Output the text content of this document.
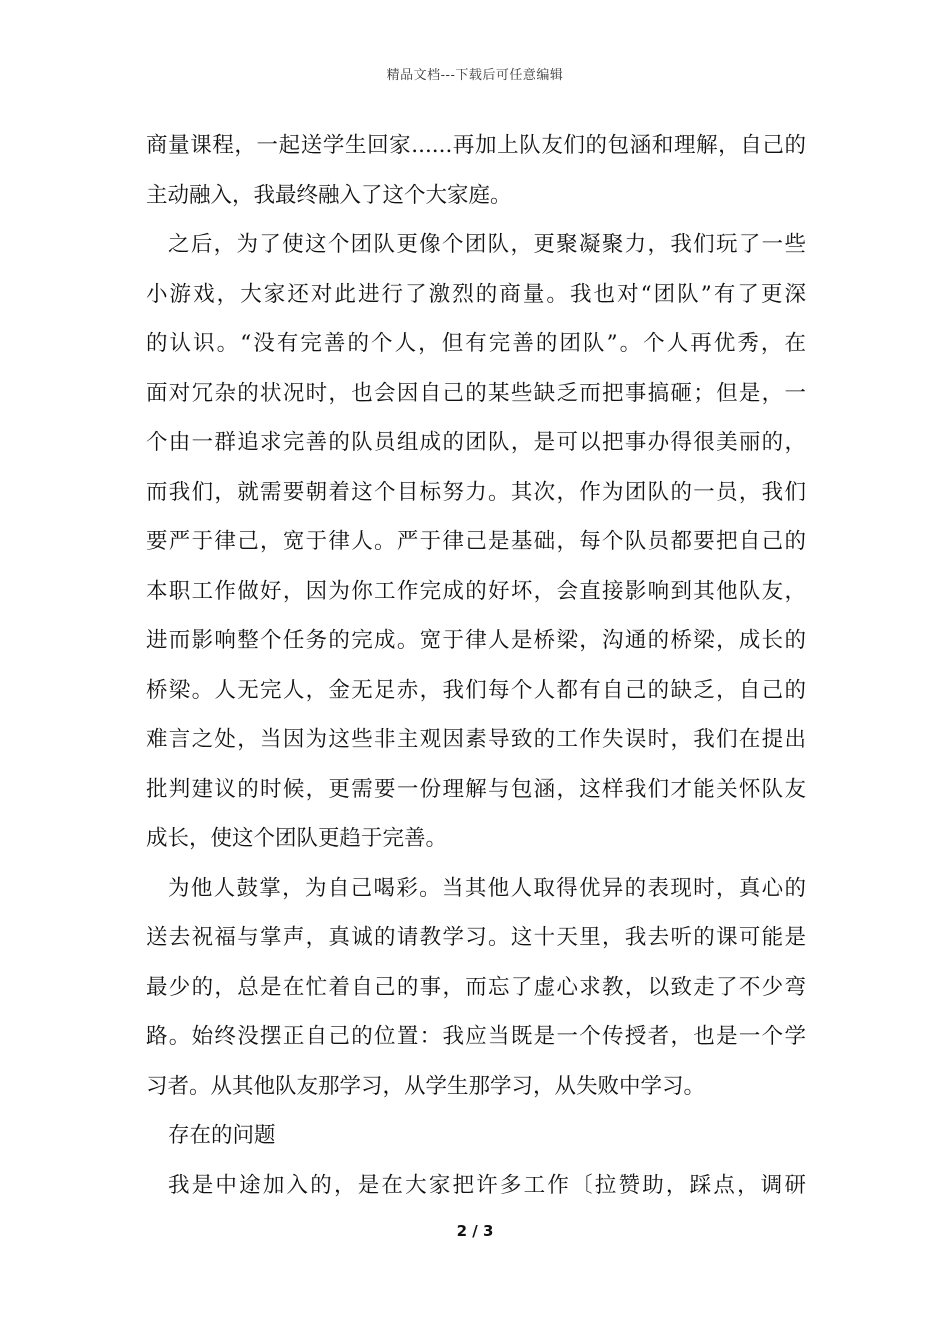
精品文档---下载后可任意编辑
商量课程，一起送学生回家......再加上队友们的包涵和理解，自己的
主动融入，我最终融入了这个大家庭。
之后，为了使这个团队更像个团队，更聚凝聚力，我们玩了一些
小游戏，大家还对此进行了激烈的商量。我也对“团队”有了更深
的认识。“没有完善的个人，但有完善的团队”。个人再优秀，在
面对冗杂的状况时，也会因自己的某些缺乏而把事搞砸；但是，一
个由一群追求完善的队员组成的团队，是可以把事办得很美丽的，
而我们，就需要朝着这个目标努力。其次，作为团队的一员，我们
要严于律己，宽于律人。严于律己是基础，每个队员都要把自己的
本职工作做好，因为你工作完成的好坏，会直接影响到其他队友，
进而影响整个任务的完成。宽于律人是桥梁，沟通的桥梁，成长的
桥梁。人无完人，金无足赤，我们每个人都有自己的缺乏，自己的
难言之处，当因为这些非主观因素导致的工作失误时，我们在提出
批判建议的时候，更需要一份理解与包涵，这样我们才能关怀队友
成长，使这个团队更趋于完善。
为他人鼓掌，为自己喝彩。当其他人取得优异的表现时，真心的
送去祝福与掌声，真诚的请教学习。这十天里，我去听的课可能是
最少的，总是在忙着自己的事，而忘了虚心求教，以致走了不少弯
路。始终没摆正自己的位置：我应当既是一个传授者，也是一个学
习者。从其他队友那学习，从学生那学习，从失败中学习。
存在的问题
我是中途加入的，是在大家把许多工作〔拉赞助，踩点，调研
2 / 3
